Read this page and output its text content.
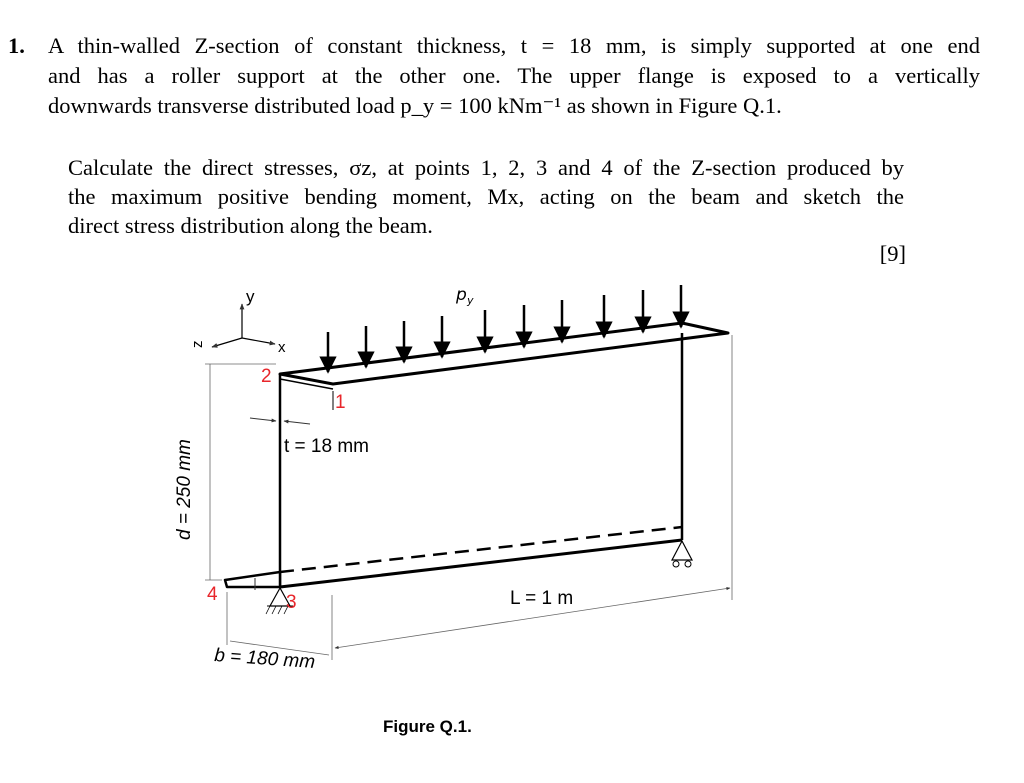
1. A thin-walled Z-section of constant thickness, t = 18 mm, is simply supported at one end
and has a roller support at the other one. The upper flange is exposed to a vertically
downwards transverse distributed load p_y = 100 kNm⁻¹ as shown in Figure Q.1.
Calculate the direct stresses, σz, at points 1, 2, 3 and 4 of the Z-section produced by
the maximum positive bending moment, Mx, acting on the beam and sketch the
direct stress distribution along the beam.
[9]
y
x
z
p y
d = 250 mm	t = 18 mm
b = 180 mm
L = 1 m
1
2
3
4
Figure Q.1.
